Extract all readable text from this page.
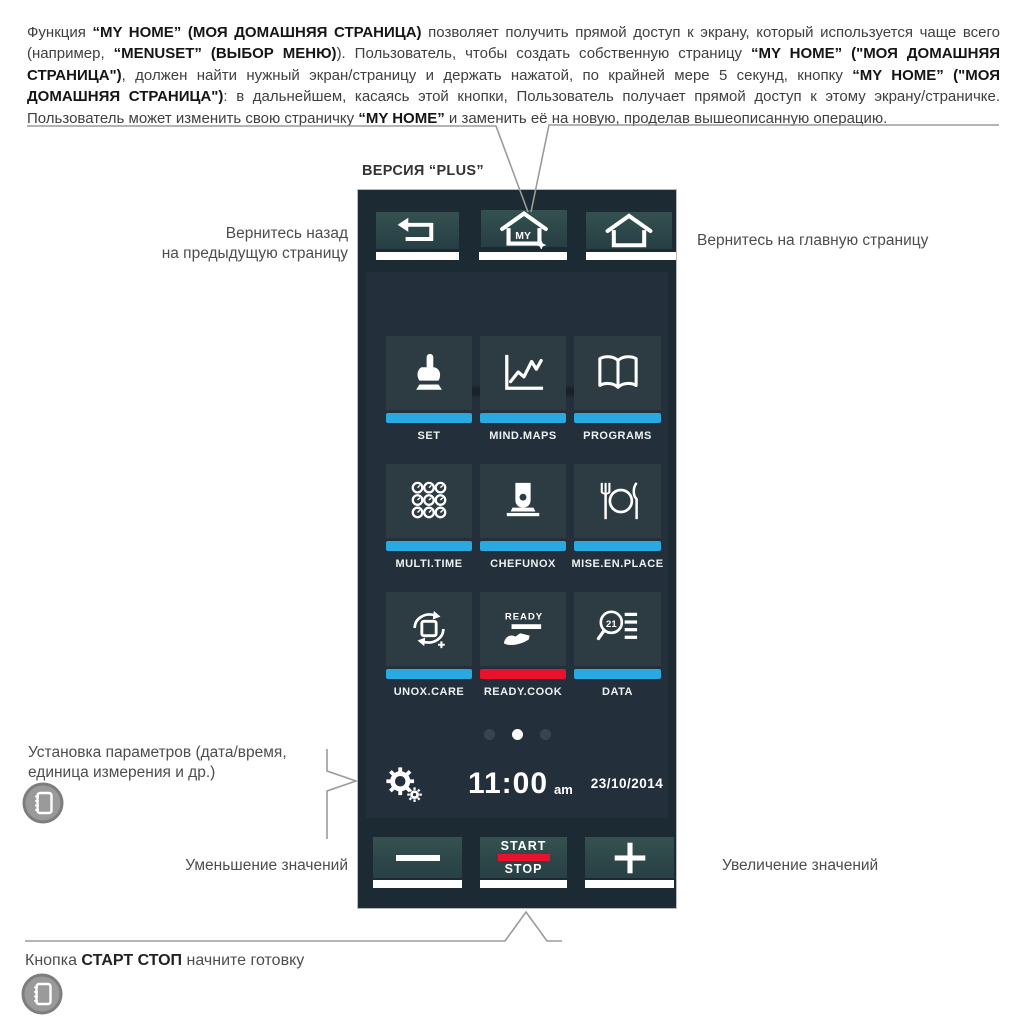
Функция “MY HOME” (МОЯ ДОМАШНЯЯ СТРАНИЦА) позволяет получить прямой доступ к экрану, который используется чаще всего (например, “MENUSET” (ВЫБОР МЕНЮ)). Пользователь, чтобы создать собственную страницу “MY HOME” ("МОЯ ДОМАШНЯЯ СТРАНИЦА"), должен найти нужный экран/страницу и держать нажатой, по крайней мере 5 секунд, кнопку “MY HOME” ("МОЯ ДОМАШНЯЯ СТРАНИЦА"): в дальнейшем, касаясь этой кнопки, Пользователь получает прямой доступ к этому экрану/страничке. Пользователь может изменить свою страничку “MY HOME” и заменить её на новую, проделав вышеописанную операцию.

ВЕРСИЯ “PLUS”
Вернитесь назад
на предыдущую страницу
Вернитесь на главную страницу
Установка параметров (дата/время,
единица измерения и др.)
Уменьшение значений	Увеличение значений
Кнопка СТАРТ СТОП начните готовку
MY
SET	MIND.MAPS	PROGRAMS
MULTI.TIME	CHEFUNOX	MISE.EN.PLACE
UNOX.CARE
READY
READY.COOK
21
DATA
11:00 am	23/10/2014
START
STOP
